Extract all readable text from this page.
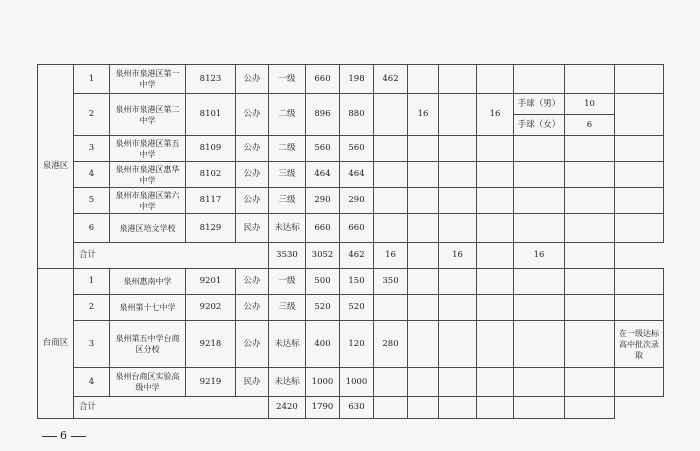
泉港区	1	泉州市泉港区第一中学	8123	公办	一级	660	198	462						
	2	泉州市泉港区第二中学	8101	公办	二级	896	880		16		16	手球（男）	10	
												手球（女）	6	
	3	泉州市泉港区第五中学	8109	公办	二级	560	560							
	4	泉州市泉港区惠华中学	8102	公办	三级	464	464							
	5	泉州市泉港区第六中学	8117	公办	三级	290	290							
	6	泉港区培文学校	8129	民办	未达标	660	660							
	合计				3530	3052	462	16		16		16		
台商区	1	泉州惠南中学	9201	公办	一级	500	150	350						
	2	泉州第十七中学	9202	公办	三级	520	520							
	3	泉州第五中学台商区分校	9218	公办	未达标	400	120	280						在一级达标高中批次录取
	4	泉州台商区实验高级中学	9219	民办	未达标	1000	1000							
	合计				2420	1790	630							
6
